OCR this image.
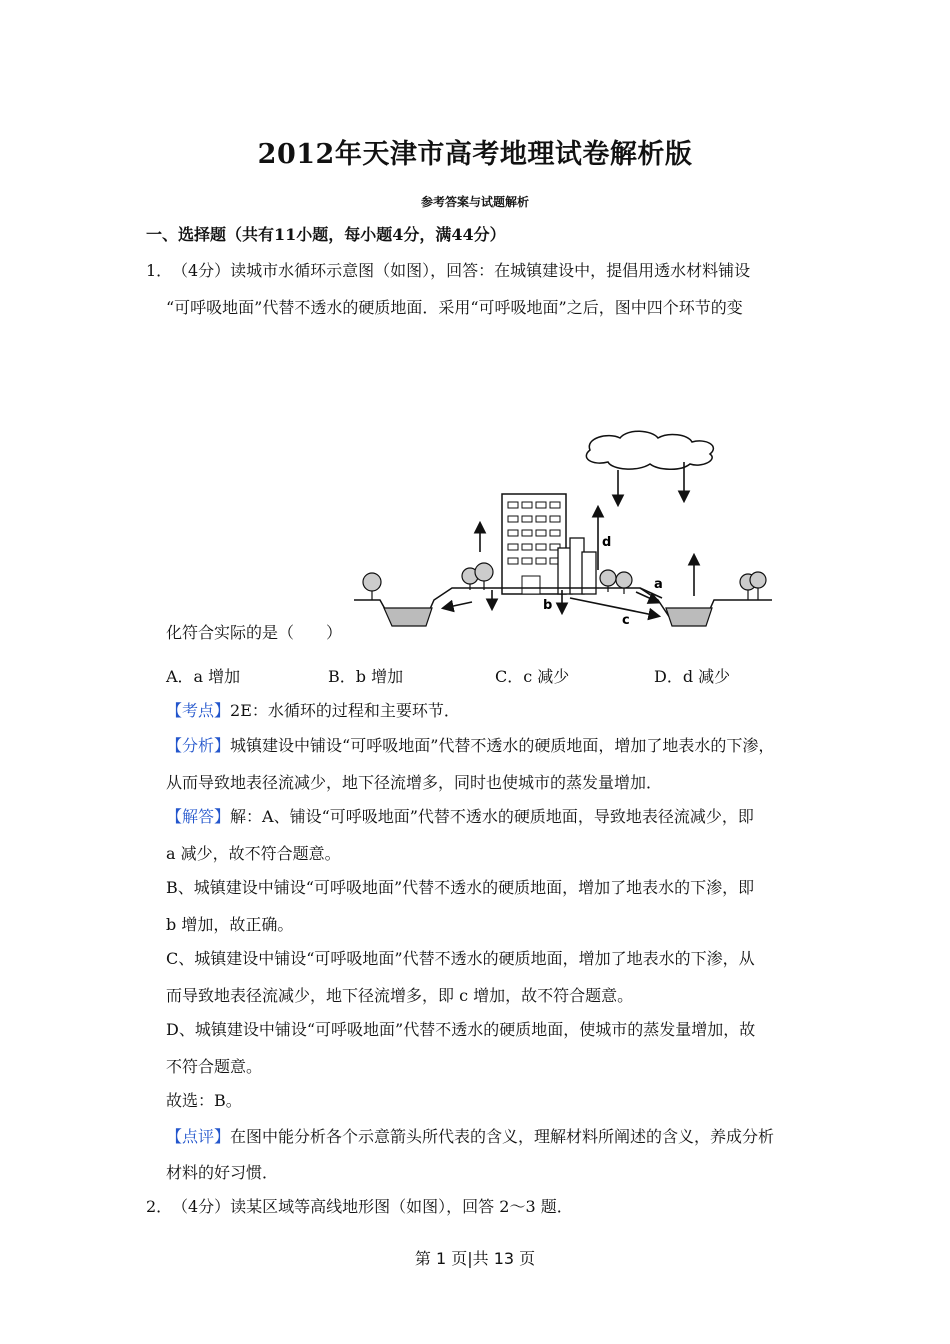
2012年天津市高考地理试卷解析版
参考答案与试题解析
一、选择题（共有11小题，每小题4分，满44分）
1． （4分）读城市水循环示意图（如图），回答：在城镇建设中，提倡用透水材料铺设
“可呼吸地面”代替不透水的硬质地面．采用“可呼吸地面”之后，图中四个环节的变
d
a
b
c
化符合实际的是（　　）
A．a 增加	B．b 增加	C．c 减少	D．d 减少
【考点】2E：水循环的过程和主要环节．
【分析】城镇建设中铺设“可呼吸地面”代替不透水的硬质地面，增加了地表水的下渗，
从而导致地表径流减少，地下径流增多，同时也使城市的蒸发量增加．
【解答】解：A、铺设“可呼吸地面”代替不透水的硬质地面，导致地表径流减少，即
a 减少，故不符合题意。
B、城镇建设中铺设“可呼吸地面”代替不透水的硬质地面，增加了地表水的下渗，即
b 增加，故正确。
C、城镇建设中铺设“可呼吸地面”代替不透水的硬质地面，增加了地表水的下渗，从
而导致地表径流减少，地下径流增多，即 c 增加，故不符合题意。
D、城镇建设中铺设“可呼吸地面”代替不透水的硬质地面，使城市的蒸发量增加，故
不符合题意。
故选：B。
【点评】在图中能分析各个示意箭头所代表的含义，理解材料所阐述的含义，养成分析
材料的好习惯．
2． （4分）读某区域等高线地形图（如图），回答 2～3 题．
第 1 页|共 13 页
